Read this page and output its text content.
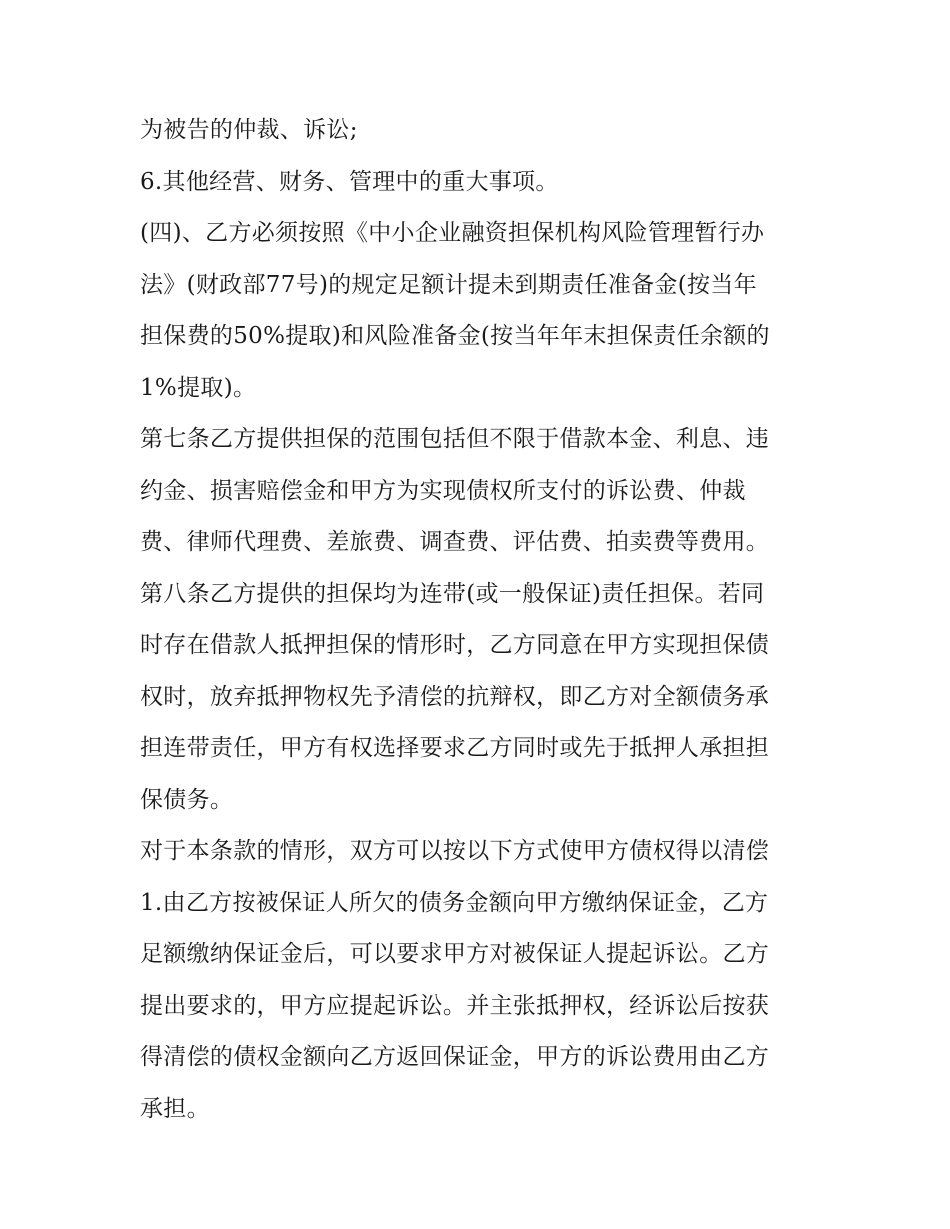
为被告的仲裁、诉讼;
6.其他经营、财务、管理中的重大事项。
(四)、乙方必须按照《中小企业融资担保机构风险管理暂行办
法》(财政部77号)的规定足额计提未到期责任准备金(按当年
担保费的50%提取)和风险准备金(按当年年末担保责任余额的
1%提取)。
第七条乙方提供担保的范围包括但不限于借款本金、利息、违
约金、损害赔偿金和甲方为实现债权所支付的诉讼费、仲裁
费、律师代理费、差旅费、调查费、评估费、拍卖费等费用。
第八条乙方提供的担保均为连带(或一般保证)责任担保。若同
时存在借款人抵押担保的情形时，乙方同意在甲方实现担保债
权时，放弃抵押物权先予清偿的抗辩权，即乙方对全额债务承
担连带责任，甲方有权选择要求乙方同时或先于抵押人承担担
保债务。
对于本条款的情形，双方可以按以下方式使甲方债权得以清偿
1.由乙方按被保证人所欠的债务金额向甲方缴纳保证金，乙方
足额缴纳保证金后，可以要求甲方对被保证人提起诉讼。乙方
提出要求的，甲方应提起诉讼。并主张抵押权，经诉讼后按获
得清偿的债权金额向乙方返回保证金，甲方的诉讼费用由乙方
承担。
